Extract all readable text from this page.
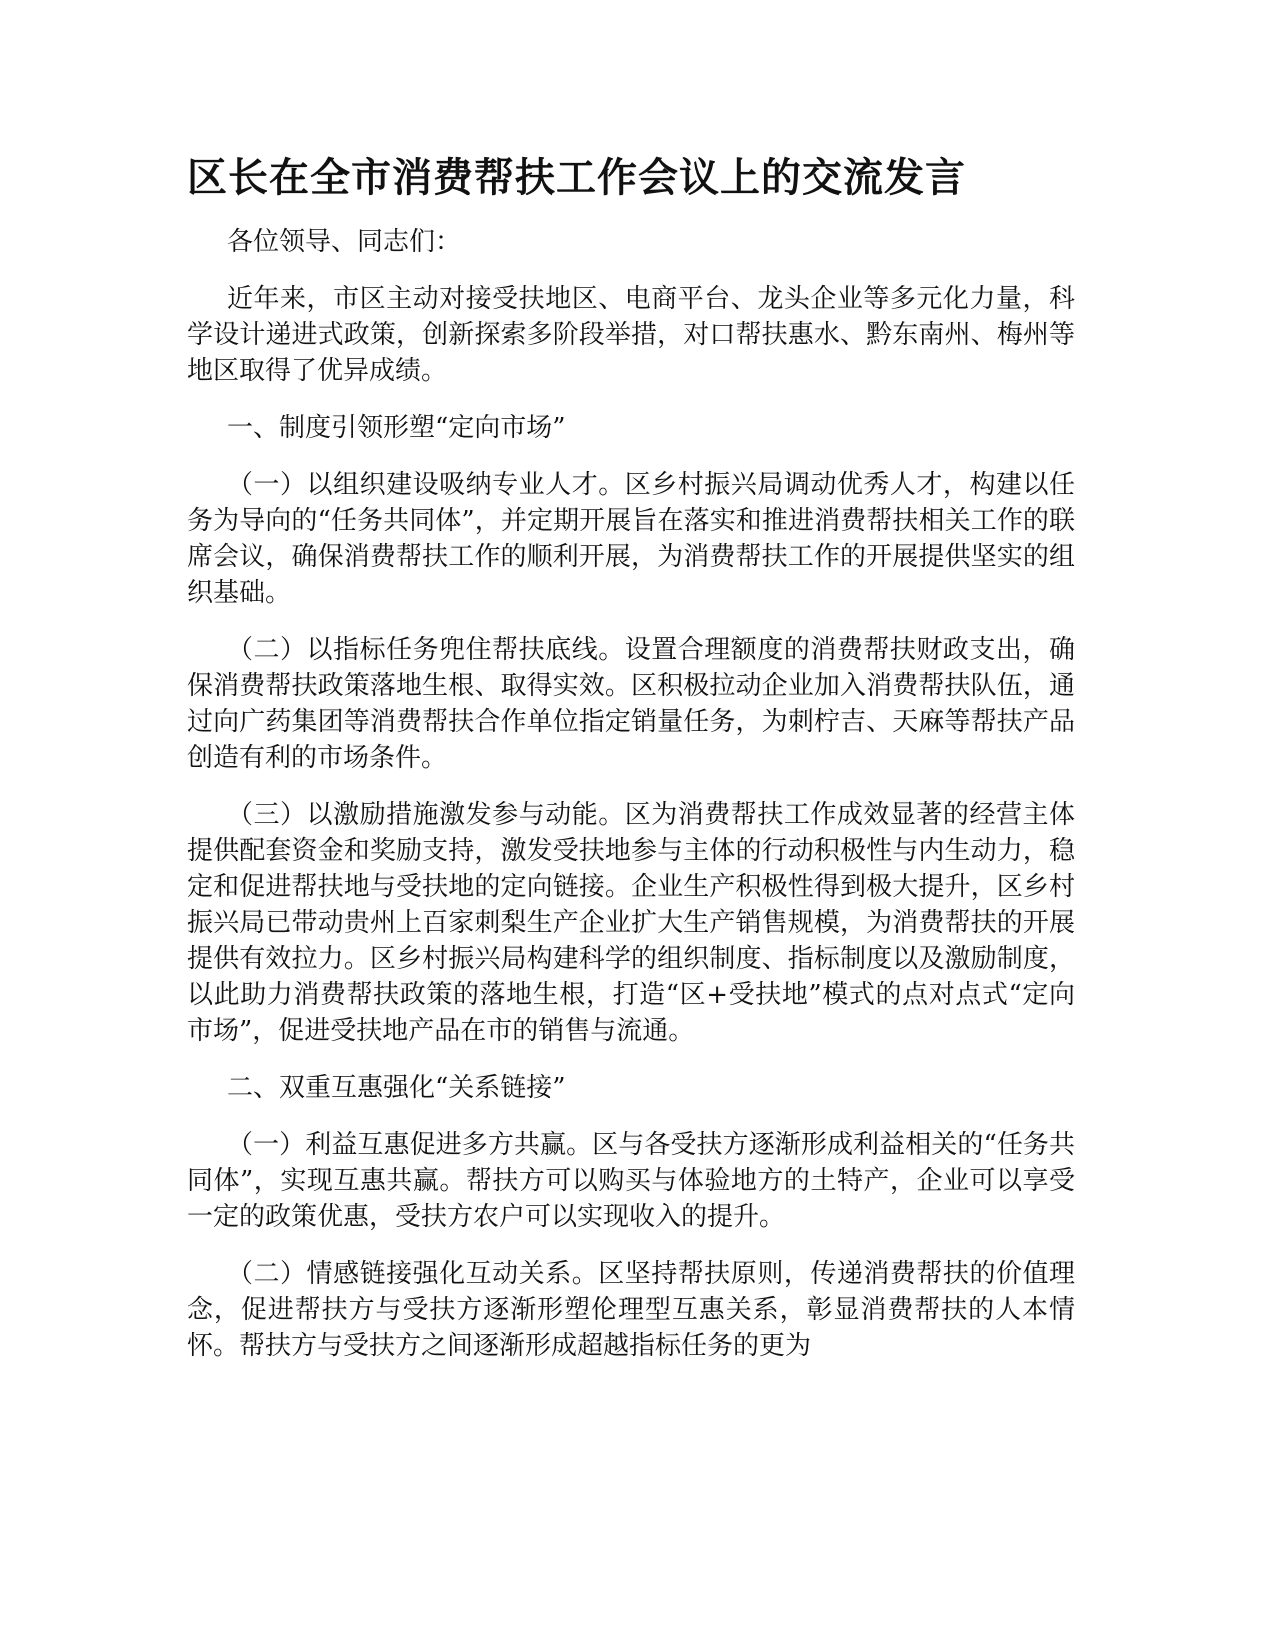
区长在全市消费帮扶工作会议上的交流发言

各位领导、同志们：

近年来，市区主动对接受扶地区、电商平台、龙头企业等多元化力量，科学设计递进式政策，创新探索多阶段举措，对口帮扶惠水、黔东南州、梅州等地区取得了优异成绩。

一、制度引领形塑“定向市场”

（一）以组织建设吸纳专业人才。区乡村振兴局调动优秀人才，构建以任务为导向的“任务共同体”，并定期开展旨在落实和推进消费帮扶相关工作的联席会议，确保消费帮扶工作的顺利开展，为消费帮扶工作的开展提供坚实的组织基础。

（二）以指标任务兜住帮扶底线。设置合理额度的消费帮扶财政支出，确保消费帮扶政策落地生根、取得实效。区积极拉动企业加入消费帮扶队伍，通过向广药集团等消费帮扶合作单位指定销量任务，为刺柠吉、天麻等帮扶产品创造有利的市场条件。

（三）以激励措施激发参与动能。区为消费帮扶工作成效显著的经营主体提供配套资金和奖励支持，激发受扶地参与主体的行动积极性与内生动力，稳定和促进帮扶地与受扶地的定向链接。企业生产积极性得到极大提升，区乡村振兴局已带动贵州上百家刺梨生产企业扩大生产销售规模，为消费帮扶的开展提供有效拉力。区乡村振兴局构建科学的组织制度、指标制度以及激励制度，以此助力消费帮扶政策的落地生根，打造“区+受扶地”模式的点对点式“定向市场”，促进受扶地产品在市的销售与流通。

二、双重互惠强化“关系链接”

（一）利益互惠促进多方共赢。区与各受扶方逐渐形成利益相关的“任务共同体”，实现互惠共赢。帮扶方可以购买与体验地方的土特产，企业可以享受一定的政策优惠，受扶方农户可以实现收入的提升。

（二）情感链接强化互动关系。区坚持帮扶原则，传递消费帮扶的价值理念，促进帮扶方与受扶方逐渐形塑伦理型互惠关系，彰显消费帮扶的人本情怀。帮扶方与受扶方之间逐渐形成超越指标任务的更为
